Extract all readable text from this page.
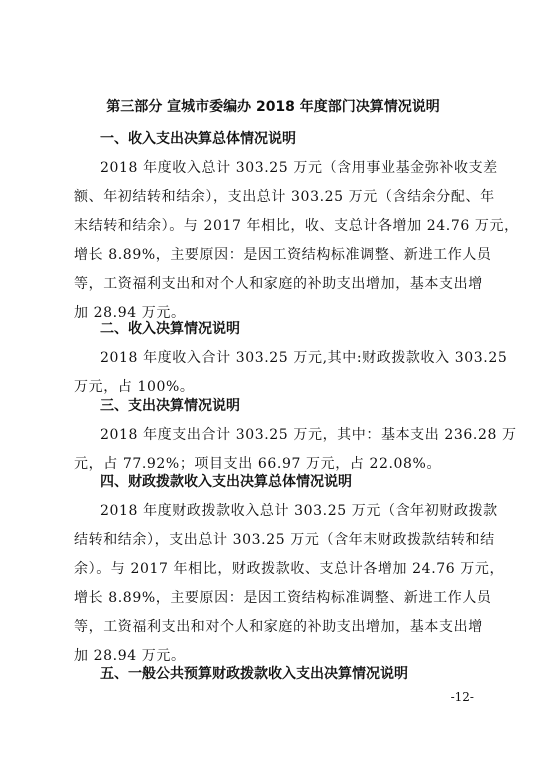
第三部分 宣城市委编办 2018 年度部门决算情况说明
一、收入支出决算总体情况说明
2018 年度收入总计 303.25 万元（含用事业基金弥补收支差
额、年初结转和结余），支出总计 303.25 万元（含结余分配、年
末结转和结余）。与 2017 年相比，收、支总计各增加 24.76 万元，
增长 8.89%，主要原因：是因工资结构标准调整、新进工作人员
等，工资福利支出和对个人和家庭的补助支出增加，基本支出增
加 28.94 万元。
二、收入决算情况说明
2018 年度收入合计 303.25 万元,其中:财政拨款收入 303.25
万元，占 100%。
三、支出决算情况说明
2018 年度支出合计 303.25 万元，其中：基本支出 236.28 万
元，占 77.92%；项目支出 66.97 万元，占 22.08%。
四、财政拨款收入支出决算总体情况说明
2018 年度财政拨款收入总计 303.25 万元（含年初财政拨款
结转和结余），支出总计 303.25 万元（含年末财政拨款结转和结
余）。与 2017 年相比，财政拨款收、支总计各增加 24.76 万元，
增长 8.89%，主要原因：是因工资结构标准调整、新进工作人员
等，工资福利支出和对个人和家庭的补助支出增加，基本支出增
加 28.94 万元。
五、一般公共预算财政拨款收入支出决算情况说明
-12-
